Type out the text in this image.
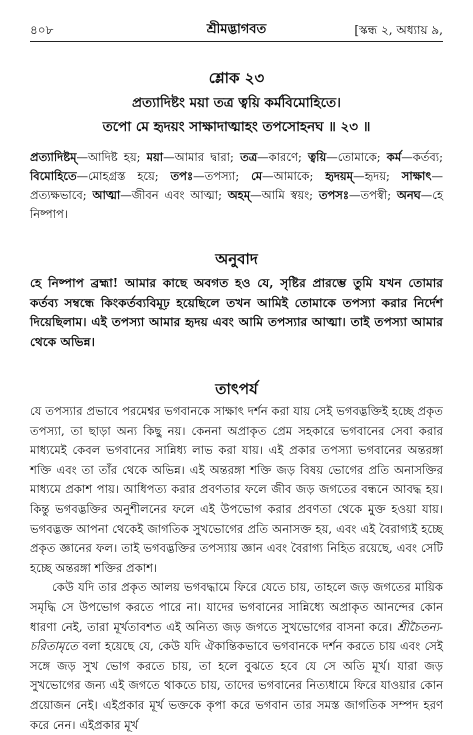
৪০৮	শ্রীমদ্ভাগবত	[স্কন্ধ ২, অধ্যায় ৯,
শ্লোক ২৩
প্রত্যাদিষ্টং ময়া তত্র ত্বয়ি কর্মবিমোহিতে।
তপো মে হৃদয়ং সাক্ষাদাত্মাহং তপসোহনঘ ॥ ২৩ ॥
প্রত্যাদিষ্টম্—আদিষ্ট হয়; ময়া—আমার দ্বারা; তত্র—কারণে; ত্বয়ি—তোমাকে; কর্ম—কর্তব্য; বিমোহিতে—মোহগ্রস্ত হয়ে; তপঃ—তপস্যা; মে—আমাকে; হৃদয়ম্—হৃদয়; সাক্ষাৎ—প্রত্যক্ষভাবে; আত্মা—জীবন এবং আত্মা; অহম্—আমি স্বয়ং; তপসঃ—তপস্বী; অনঘ—হে নিষ্পাপ।
অনুবাদ
হে নিষ্পাপ ব্রহ্মা! আমার কাছে অবগত হও যে, সৃষ্টির প্রারম্ভে তুমি যখন তোমার কর্তব্য সম্বন্ধে কিংকর্তব্যবিমূঢ় হয়েছিলে তখন আমিই তোমাকে তপস্যা করার নির্দেশ দিয়েছিলাম। এই তপস্যা আমার হৃদয় এবং আমি তপস্যার আত্মা। তাই তপস্যা আমার থেকে অভিন্ন।
তাৎপর্য

যে তপস্যার প্রভাবে পরমেশ্বর ভগবানকে সাক্ষাৎ দর্শন করা যায় সেই ভগবদ্ভক্তিই হচ্ছে প্রকৃত তপস্যা, তা ছাড়া অন্য কিছু নয়। কেননা অপ্রাকৃত প্রেম সহকারে ভগবানের সেবা করার মাধ্যমেই কেবল ভগবানের সান্নিধ্য লাভ করা যায়। এই প্রকার তপস্যা ভগবানের অন্তরঙ্গা শক্তি এবং তা তাঁর থেকে অভিন্ন। এই অন্তরঙ্গা শক্তি জড় বিষয় ভোগের প্রতি অনাসক্তির মাধ্যমে প্রকাশ পায়। আধিপত্য করার প্রবণতার ফলে জীব জড় জগতের বন্ধনে আবদ্ধ হয়। কিন্তু ভগবদ্ভক্তির অনুশীলনের ফলে এই উপভোগ করার প্রবণতা থেকে মুক্ত হওয়া যায়। ভগবদ্ভক্ত আপনা থেকেই জাগতিক সুখভোগের প্রতি অনাসক্ত হয়, এবং এই বৈরাগ্যই হচ্ছে প্রকৃত জ্ঞানের ফল। তাই ভগবদ্ভক্তির তপস্যায় জ্ঞান এবং বৈরাগ্য নিহিত রয়েছে, এবং সেটি হচ্ছে অন্তরঙ্গা শক্তির প্রকাশ।

কেউ যদি তার প্রকৃত আলয় ভগবদ্ধামে ফিরে যেতে চায়, তাহলে জড় জগতের মায়িক সমৃদ্ধি সে উপভোগ করতে পারে না। যাদের ভগবানের সান্নিধ্যে অপ্রাকৃত আনন্দের কোন ধারণা নেই, তারা মূর্খতাবশত এই অনিত্য জড় জগতে সুখভোগের বাসনা করে। শ্রীচৈতন্য-চরিতামৃতে বলা হয়েছে যে, কেউ যদি ঐকান্তিকভাবে ভগবানকে দর্শন করতে চায় এবং সেই সঙ্গে জড় সুখ ভোগ করতে চায়, তা হলে বুঝতে হবে যে সে অতি মূর্খ। যারা জড় সুখভোগের জন্য এই জগতে থাকতে চায়, তাদের ভগবানের নিত্যধামে ফিরে যাওয়ার কোন প্রয়োজন নেই। এইপ্রকার মূর্খ ভক্তকে কৃপা করে ভগবান তার সমস্ত জাগতিক সম্পদ হরণ করে নেন। এইপ্রকার মূর্খ
